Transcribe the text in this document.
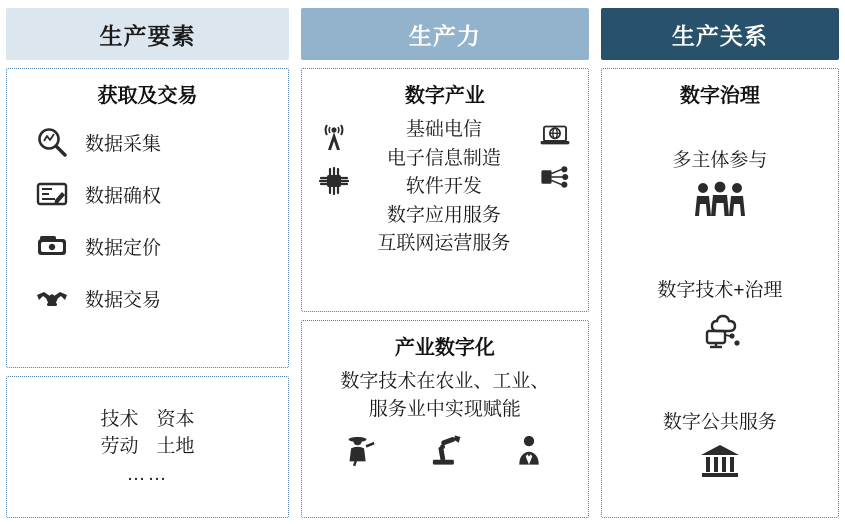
生产要素
获取及交易
数据采集
数据确权
数据定价
数据交易
技术 资本
劳动 土地
……
生产力
数字产业
基础电信
电子信息制造
软件开发
数字应用服务
互联网运营服务
产业数字化
数字技术在农业、工业、
服务业中实现赋能
生产关系
数字治理
多主体参与
数字技术+治理
数字公共服务
